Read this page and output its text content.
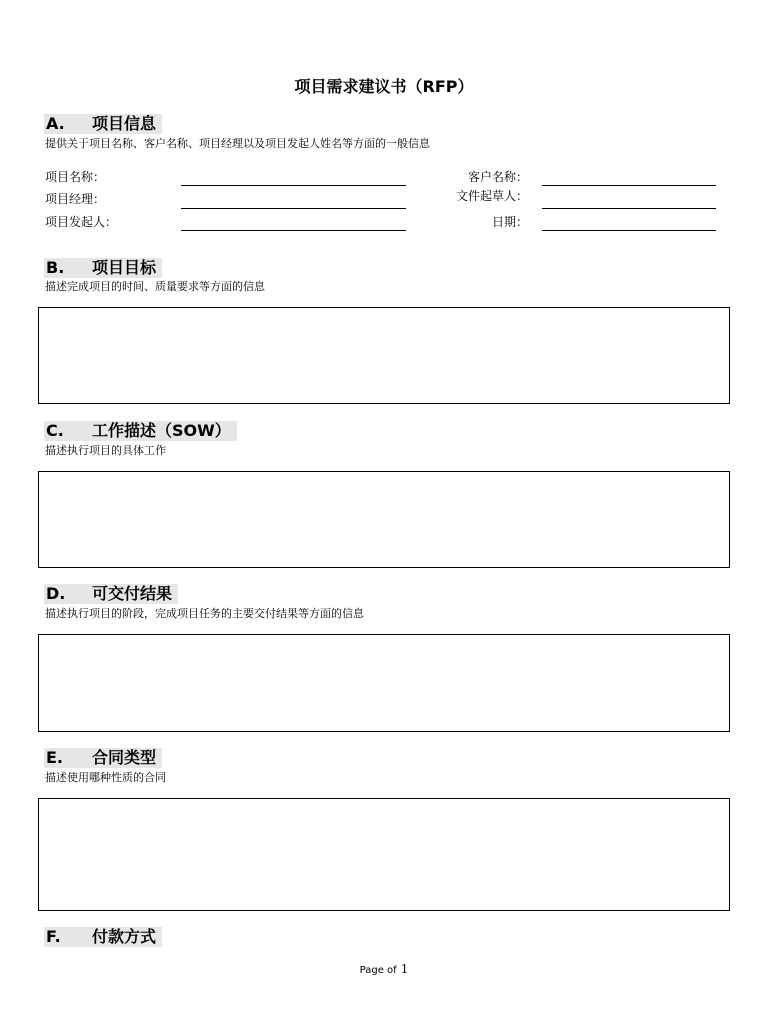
项目需求建议书（RFP）
A. 项目信息
提供关于项目名称、客户名称、项目经理以及项目发起人姓名等方面的一般信息
项目名称：
项目经理：
项目发起人：
客户名称：
文件起草人：
日期：
B. 项目目标
描述完成项目的时间、质量要求等方面的信息
C. 工作描述（SOW）
描述执行项目的具体工作
D. 可交付结果
描述执行项目的阶段，完成项目任务的主要交付结果等方面的信息
E. 合同类型
描述使用哪种性质的合同
F. 付款方式
Page of 1
